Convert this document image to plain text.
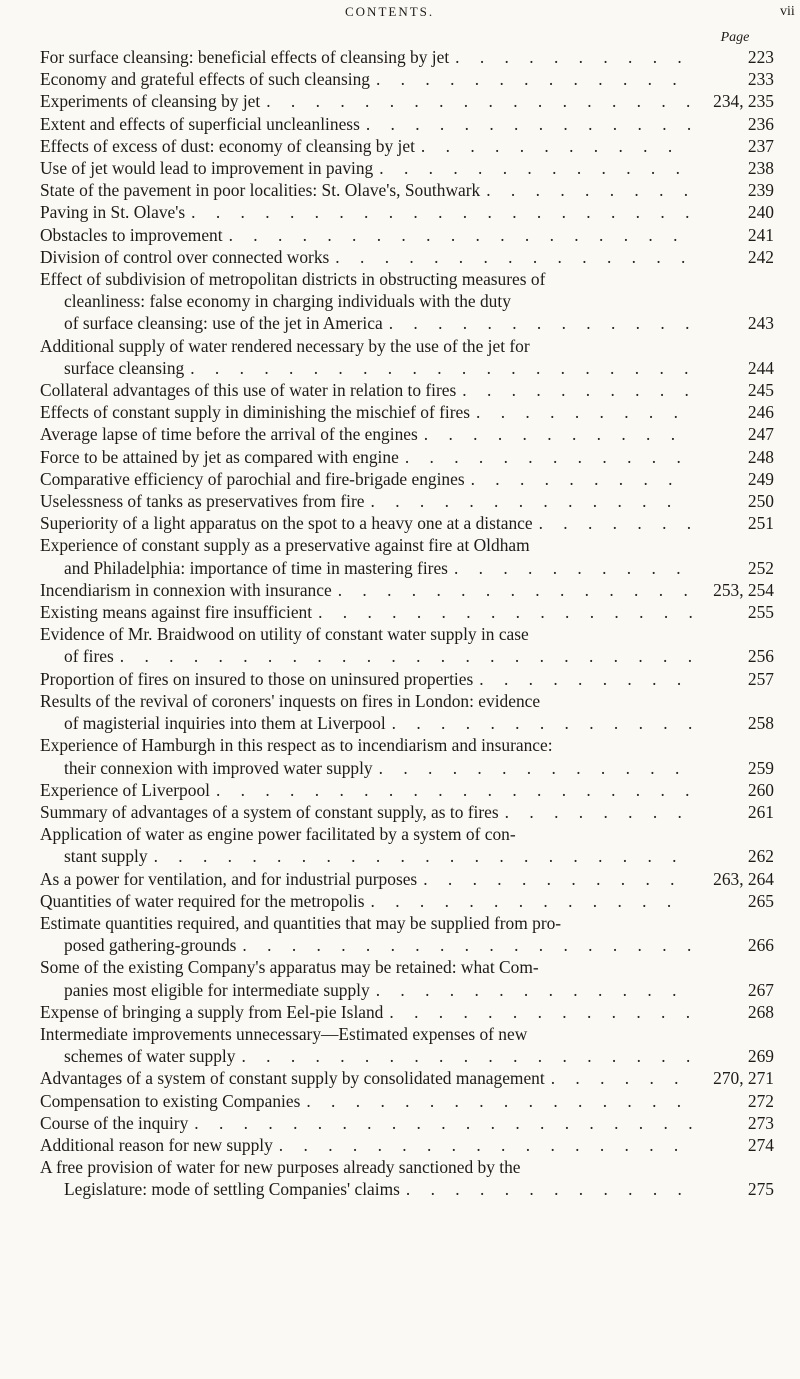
CONTENTS.	vii
Page
For surface cleansing: beneficial effects of cleansing by jet . . .	223
Economy and grateful effects of such cleansing . . .	233
Experiments of cleansing by jet . . .	234, 235
Extent and effects of superficial uncleanliness . . .	236
Effects of excess of dust: economy of cleansing by jet . . .	237
Use of jet would lead to improvement in paving . . .	238
State of the pavement in poor localities: St. Olave's, Southwark . . .	239
Paving in St. Olave's . . .	240
Obstacles to improvement . . .	241
Division of control over connected works . . .	242
Effect of subdivision of metropolitan districts in obstructing measures of
cleanliness: false economy in charging individuals with the duty
of surface cleansing: use of the jet in America . . .	243
Additional supply of water rendered necessary by the use of the jet for
surface cleansing . . .	244
Collateral advantages of this use of water in relation to fires . . .	245
Effects of constant supply in diminishing the mischief of fires . . .	246
Average lapse of time before the arrival of the engines . . .	247
Force to be attained by jet as compared with engine . . .	248
Comparative efficiency of parochial and fire-brigade engines . . .	249
Uselessness of tanks as preservatives from fire . . .	250
Superiority of a light apparatus on the spot to a heavy one at a distance . . .	251
Experience of constant supply as a preservative against fire at Oldham
and Philadelphia: importance of time in mastering fires . . .	252
Incendiarism in connexion with insurance . . .	253, 254
Existing means against fire insufficient . . .	255
Evidence of Mr. Braidwood on utility of constant water supply in case
of fires . . .	256
Proportion of fires on insured to those on uninsured properties . . .	257
Results of the revival of coroners' inquests on fires in London: evidence
of magisterial inquiries into them at Liverpool . . .	258
Experience of Hamburgh in this respect as to incendiarism and insurance:
their connexion with improved water supply . . .	259
Experience of Liverpool . . .	260
Summary of advantages of a system of constant supply, as to fires . . .	261
Application of water as engine power facilitated by a system of con-
stant supply . . .	262
As a power for ventilation, and for industrial purposes . . .	263, 264
Quantities of water required for the metropolis . . .	265
Estimate quantities required, and quantities that may be supplied from pro-
posed gathering-grounds . . .	266
Some of the existing Company's apparatus may be retained: what Com-
panies most eligible for intermediate supply . . .	267
Expense of bringing a supply from Eel-pie Island . . .	268
Intermediate improvements unnecessary—Estimated expenses of new
schemes of water supply . . .	269
Advantages of a system of constant supply by consolidated management . . .	270, 271
Compensation to existing Companies . . .	272
Course of the inquiry . . .	273
Additional reason for new supply . . .	274
A free provision of water for new purposes already sanctioned by the
Legislature: mode of settling Companies' claims . . .	275
